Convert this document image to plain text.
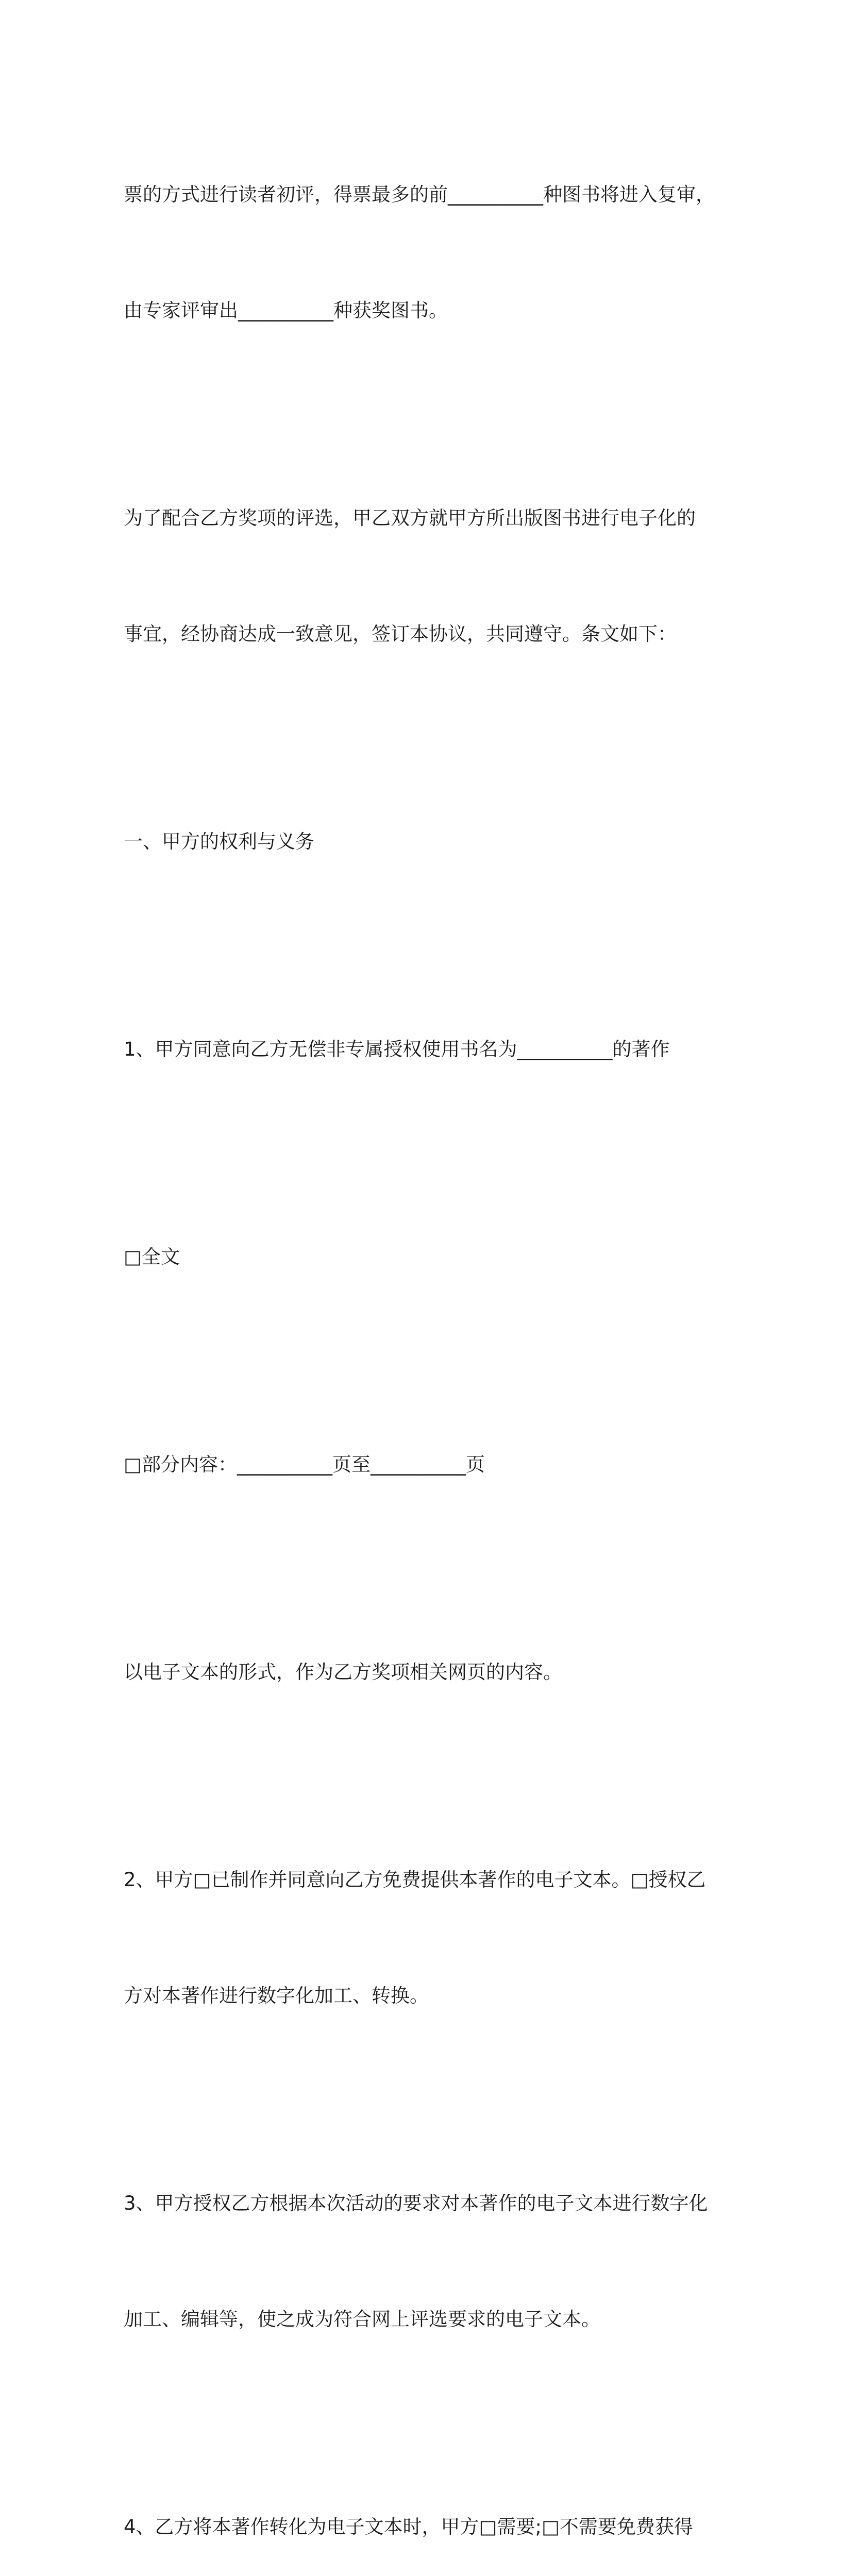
票的方式进行读者初评，得票最多的前__________种图书将进入复审，

由专家评审出__________种获奖图书。

为了配合乙方奖项的评选，甲乙双方就甲方所出版图书进行电子化的

事宜，经协商达成一致意见，签订本协议，共同遵守。条文如下：

一、甲方的权利与义务

1、甲方同意向乙方无偿非专属授权使用书名为__________的著作

□全文

□部分内容：__________页至__________页

以电子文本的形式，作为乙方奖项相关网页的内容。

2、甲方□已制作并同意向乙方免费提供本著作的电子文本。□授权乙

方对本著作进行数字化加工、转换。

3、甲方授权乙方根据本次活动的要求对本著作的电子文本进行数字化

加工、编辑等，使之成为符合网上评选要求的电子文本。

4、乙方将本著作转化为电子文本时，甲方□需要;□不需要免费获得
